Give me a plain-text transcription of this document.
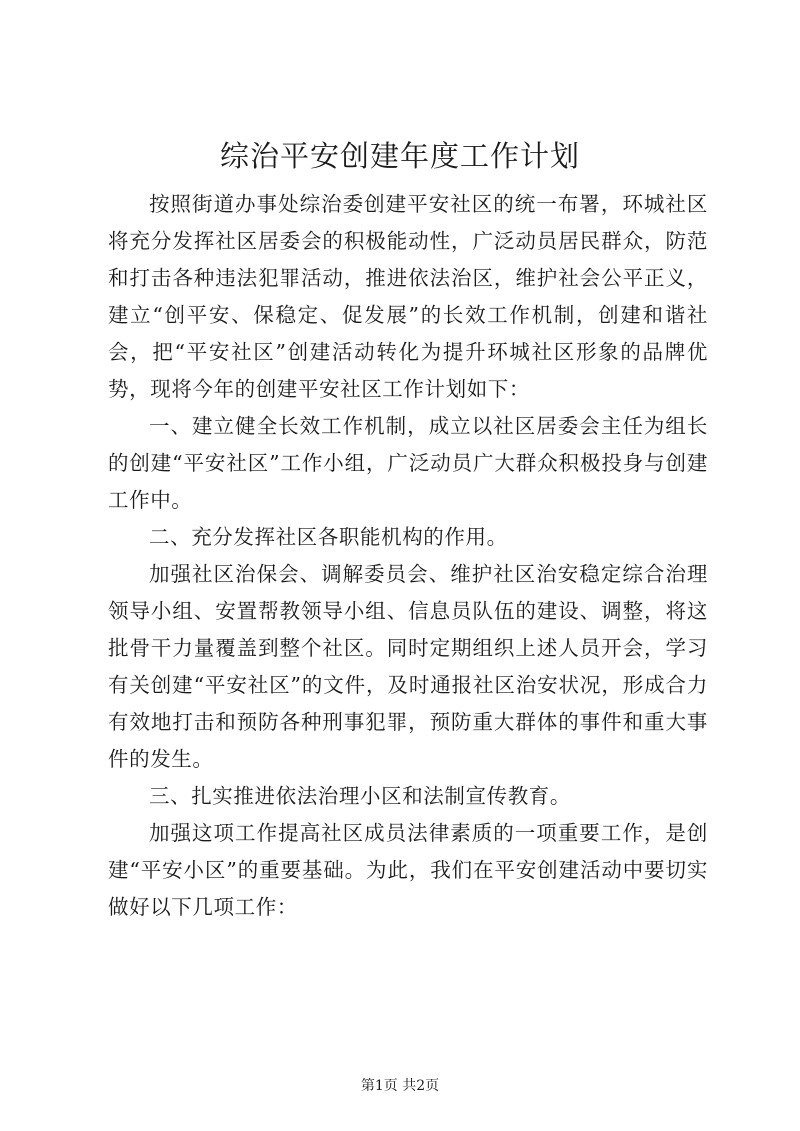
综治平安创建年度工作计划

按照街道办事处综治委创建平安社区的统一布署，环城社区将充分发挥社区居委会的积极能动性，广泛动员居民群众，防范和打击各种违法犯罪活动，推进依法治区，维护社会公平正义，建立“创平安、保稳定、促发展”的长效工作机制，创建和谐社会，把“平安社区”创建活动转化为提升环城社区形象的品牌优势，现将今年的创建平安社区工作计划如下：

一、建立健全长效工作机制，成立以社区居委会主任为组长的创建“平安社区”工作小组，广泛动员广大群众积极投身与创建工作中。

二、充分发挥社区各职能机构的作用。

加强社区治保会、调解委员会、维护社区治安稳定综合治理领导小组、安置帮教领导小组、信息员队伍的建设、调整，将这批骨干力量覆盖到整个社区。同时定期组织上述人员开会，学习有关创建“平安社区”的文件，及时通报社区治安状况，形成合力有效地打击和预防各种刑事犯罪，预防重大群体的事件和重大事件的发生。

三、扎实推进依法治理小区和法制宣传教育。

加强这项工作提高社区成员法律素质的一项重要工作，是创建“平安小区”的重要基础。为此，我们在平安创建活动中要切实做好以下几项工作：

第1页 共2页
